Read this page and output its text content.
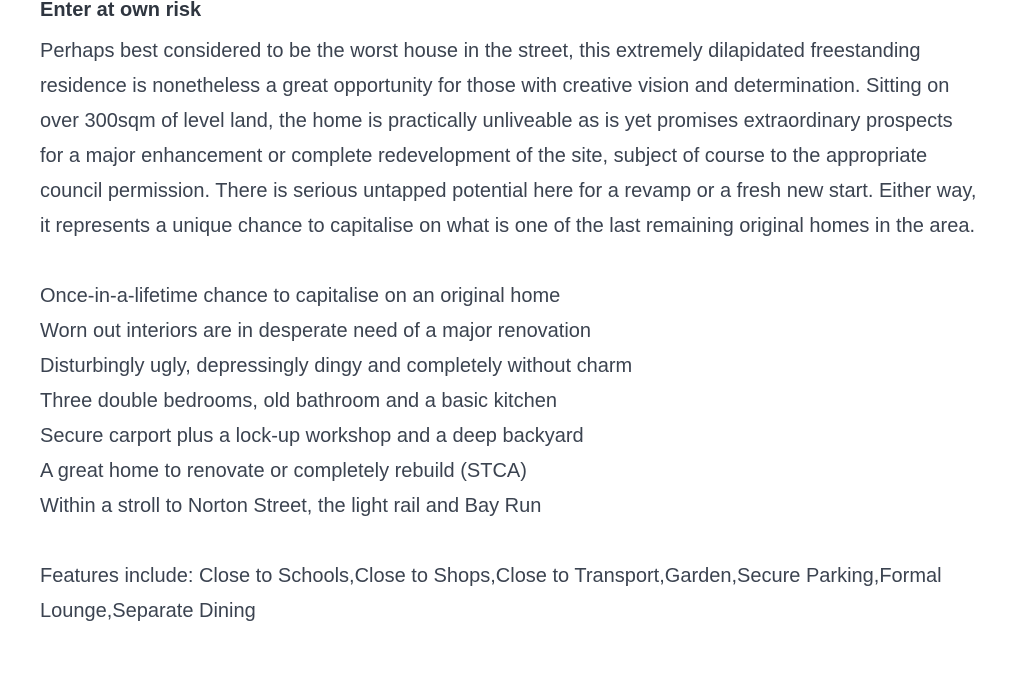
Enter at own risk

Perhaps best considered to be the worst house in the street, this extremely dilapidated freestanding residence is nonetheless a great opportunity for those with creative vision and determination. Sitting on over 300sqm of level land, the home is practically unliveable as is yet promises extraordinary prospects for a major enhancement or complete redevelopment of the site, subject of course to the appropriate council permission. There is serious untapped potential here for a revamp or a fresh new start. Either way, it represents a unique chance to capitalise on what is one of the last remaining original homes in the area.

Once-in-a-lifetime chance to capitalise on an original home
Worn out interiors are in desperate need of a major renovation
Disturbingly ugly, depressingly dingy and completely without charm
Three double bedrooms, old bathroom and a basic kitchen
Secure carport plus a lock-up workshop and a deep backyard
A great home to renovate or completely rebuild (STCA)
Within a stroll to Norton Street, the light rail and Bay Run

Features include: Close to Schools,Close to Shops,Close to Transport,Garden,Secure Parking,Formal Lounge,Separate Dining
